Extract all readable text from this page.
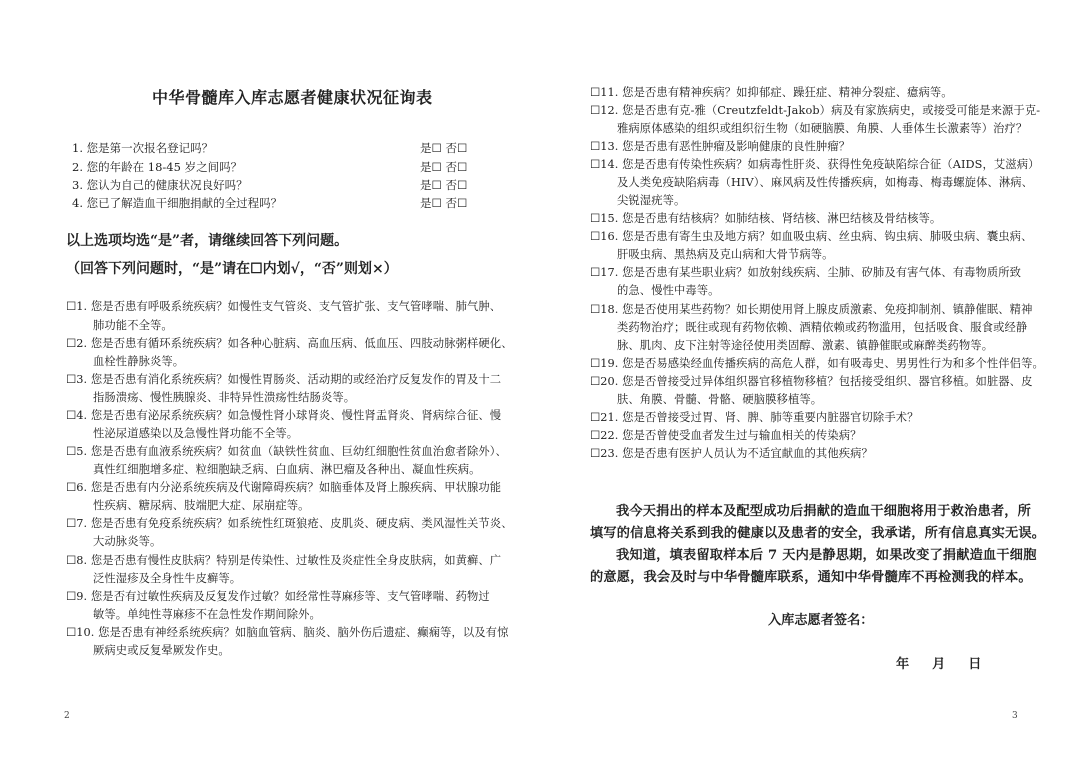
中华骨髓库入库志愿者健康状况征询表
1. 您是第一次报名登记吗？	是☐ 否☐
2. 您的年龄在 18-45 岁之间吗？	是☐ 否☐
3. 您认为自己的健康状况良好吗？	是☐ 否☐
4. 您已了解造血干细胞捐献的全过程吗？	是☐ 否☐
以上选项均选“是”者，请继续回答下列问题。
（回答下列问题时，“是”请在☐内划√，“否”则划×）
☐1. 您是否患有呼吸系统疾病？如慢性支气管炎、支气管扩张、支气管哮喘、肺气肿、
肺功能不全等。
☐2. 您是否患有循环系统疾病？如各种心脏病、高血压病、低血压、四肢动脉粥样硬化、
血栓性静脉炎等。
☐3. 您是否患有消化系统疾病？如慢性胃肠炎、活动期的或经治疗反复发作的胃及十二
指肠溃疡、慢性胰腺炎、非特异性溃疡性结肠炎等。
☐4. 您是否患有泌尿系统疾病？如急慢性肾小球肾炎、慢性肾盂肾炎、肾病综合征、慢
性泌尿道感染以及急慢性肾功能不全等。
☐5. 您是否患有血液系统疾病？如贫血（缺铁性贫血、巨幼红细胞性贫血治愈者除外）、
真性红细胞增多症、粒细胞缺乏病、白血病、淋巴瘤及各种出、凝血性疾病。
☐6. 您是否患有内分泌系统疾病及代谢障碍疾病？如脑垂体及肾上腺疾病、甲状腺功能
性疾病、糖尿病、肢端肥大症、尿崩症等。
☐7. 您是否患有免疫系统疾病？如系统性红斑狼疮、皮肌炎、硬皮病、类风湿性关节炎、
大动脉炎等。
☐8. 您是否患有慢性皮肤病？特别是传染性、过敏性及炎症性全身皮肤病，如黄癣、广
泛性湿疹及全身性牛皮癣等。
☐9. 您是否有过敏性疾病及反复发作过敏？如经常性荨麻疹等、支气管哮喘、药物过
敏等。单纯性荨麻疹不在急性发作期间除外。
☐10. 您是否患有神经系统疾病？如脑血管病、脑炎、脑外伤后遗症、癫痫等，以及有惊
厥病史或反复晕厥发作史。
2
☐11. 您是否患有精神疾病？如抑郁症、躁狂症、精神分裂症、癔病等。
☐12. 您是否患有克-雅（Creutzfeldt-Jakob）病及有家族病史，或接受可能是来源于克-
雅病原体感染的组织或组织衍生物（如硬脑膜、角膜、人垂体生长激素等）治疗？
☐13. 您是否患有恶性肿瘤及影响健康的良性肿瘤？
☐14. 您是否患有传染性疾病？如病毒性肝炎、获得性免疫缺陷综合征（AIDS，艾滋病）
及人类免疫缺陷病毒（HIV）、麻风病及性传播疾病，如梅毒、梅毒螺旋体、淋病、
尖锐湿疣等。
☐15. 您是否患有结核病？如肺结核、肾结核、淋巴结核及骨结核等。
☐16. 您是否患有寄生虫及地方病？如血吸虫病、丝虫病、钩虫病、肺吸虫病、囊虫病、
肝吸虫病、黑热病及克山病和大骨节病等。
☐17. 您是否患有某些职业病？如放射线疾病、尘肺、矽肺及有害气体、有毒物质所致
的急、慢性中毒等。
☐18. 您是否使用某些药物？如长期使用肾上腺皮质激素、免疫抑制剂、镇静催眠、精神
类药物治疗；既往或现有药物依赖、酒精依赖或药物滥用，包括吸食、服食或经静
脉、肌肉、皮下注射等途径使用类固醇、激素、镇静催眠或麻醉类药物等。
☐19. 您是否易感染经血传播疾病的高危人群，如有吸毒史、男男性行为和多个性伴侣等。
☐20. 您是否曾接受过异体组织器官移植物移植？包括接受组织、器官移植。如脏器、皮
肤、角膜、骨髓、骨骼、硬脑膜移植等。
☐21. 您是否曾接受过胃、肾、脾、肺等重要内脏器官切除手术？
☐22. 您是否曾使受血者发生过与输血相关的传染病？
☐23. 您是否患有医护人员认为不适宜献血的其他疾病？
我今天捐出的样本及配型成功后捐献的造血干细胞将用于救治患者，所
填写的信息将关系到我的健康以及患者的安全，我承诺，所有信息真实无误。
我知道，填表留取样本后 7 天内是静思期，如果改变了捐献造血干细胞
的意愿，我会及时与中华骨髓库联系，通知中华骨髓库不再检测我的样本。
入库志愿者签名：
年     月     日
3
